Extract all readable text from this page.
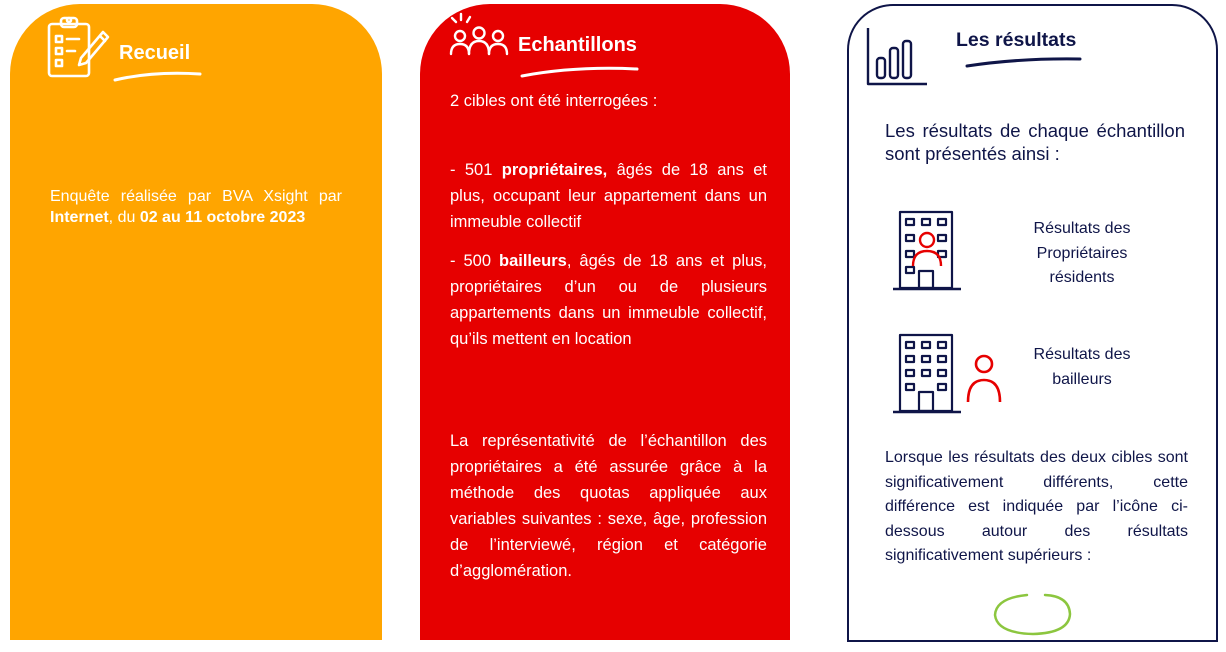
Recueil
Enquête réalisée par BVA Xsight par Internet, du 02 au 11 octobre 2023
Echantillons
2 cibles ont été interrogées :
- 501 propriétaires, âgés de 18 ans et plus, occupant leur appartement dans un immeuble collectif
- 500 bailleurs, âgés de 18 ans et plus, propriétaires d’un ou de plusieurs appartements dans un immeuble collectif, qu’ils mettent en location
La représentativité de l’échantillon des propriétaires a été assurée grâce à la méthode des quotas appliquée aux variables suivantes : sexe, âge, profession de l’interviewé, région et catégorie d’agglomération.
Les résultats
Les résultats de chaque échantillon sont présentés ainsi :
Résultats des Propriétaires résidents
Résultats des bailleurs
Lorsque les résultats des deux cibles sont significativement différents, cette différence est indiquée par l’icône ci-dessous autour des résultats significativement supérieurs :
